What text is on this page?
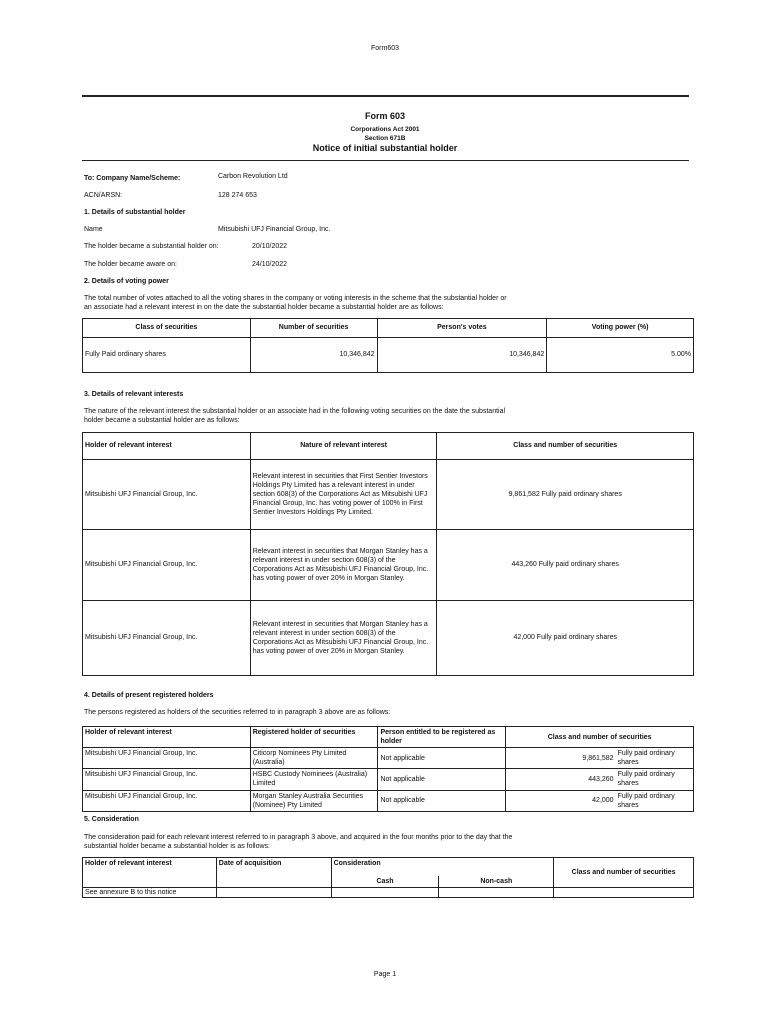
Form603
Form 603
Corporations Act 2001
Section 671B
Notice of initial substantial holder
To: Company Name/Scheme:	Carbon Revolution Ltd
ACN/ARSN:	128 274 653
1. Details of substantial holder
Name	Mitsubishi UFJ Financial Group, Inc.
The holder became a substantial holder on:	20/10/2022
The holder became aware on:	24/10/2022
2. Details of voting power
The total number of votes attached to all the voting shares in the company or voting interests in the scheme that the substantial holder or
an associate had a relevant interest in on the date the substantial holder became a substantial holder are as follows:
Class of securities	Number of securities	Person's votes	Voting power (%)
Fully Paid ordinary shares	10,346,842	10,346,842	5.00%
3. Details of relevant interests
The nature of the relevant interest the substantial holder or an associate had in the following voting securities on the date the substantial
holder became a substantial holder are as follows:
Holder of relevant interest	Nature of relevant interest	Class and number of securities
Mitsubishi UFJ Financial Group, Inc.	Relevant interest in securities that First Sentier Investors Holdings Pty Limited has a relevant interest in under section 608(3) of the Corporations Act as Mitsubishi UFJ Financial Group, Inc. has voting power of 100% in First Sentier Investors Holdings Pty Limited.	9,861,582 Fully paid ordinary shares
Mitsubishi UFJ Financial Group, Inc.	Relevant interest in securities that Morgan Stanley has a relevant interest in under section 608(3) of the Corporations Act as Mitsubishi UFJ Financial Group, Inc. has voting power of over 20% in Morgan Stanley.	443,260 Fully paid ordinary shares
Mitsubishi UFJ Financial Group, Inc.	Relevant interest in securities that Morgan Stanley has a relevant interest in under section 608(3) of the Corporations Act as Mitsubishi UFJ Financial Group, Inc. has voting power of over 20% in Morgan Stanley.	42,000 Fully paid ordinary shares
4. Details of present registered holders
The persons registered as holders of the securities referred to in paragraph 3 above are as follows:
Holder of relevant interest	Registered holder of securities	Person entitled to be registered as holder	Class and number of securities	
Mitsubishi UFJ Financial Group, Inc.	Citicorp Nominees Pty Limited (Australia)	Not applicable	9,861,582	Fully paid ordinary shares
Mitsubishi UFJ Financial Group, Inc.	HSBC Custody Nominees (Australia) Limited	Not applicable	443,260	Fully paid ordinary shares
Mitsubishi UFJ Financial Group, Inc.	Morgan Stanley Australia Securities (Nominee) Pty Limited	Not applicable	42,000	Fully paid ordinary shares
5. Consideration
The consideration paid for each relevant interest referred to in paragraph 3 above, and acquired in the four months prior to the day that the
substantial holder became a substantial holder is as follows:
Holder of relevant interest	Date of acquisition	Consideration		Class and number of securities
		Cash	Non-cash	
See annexure B to this notice				
Page 1
